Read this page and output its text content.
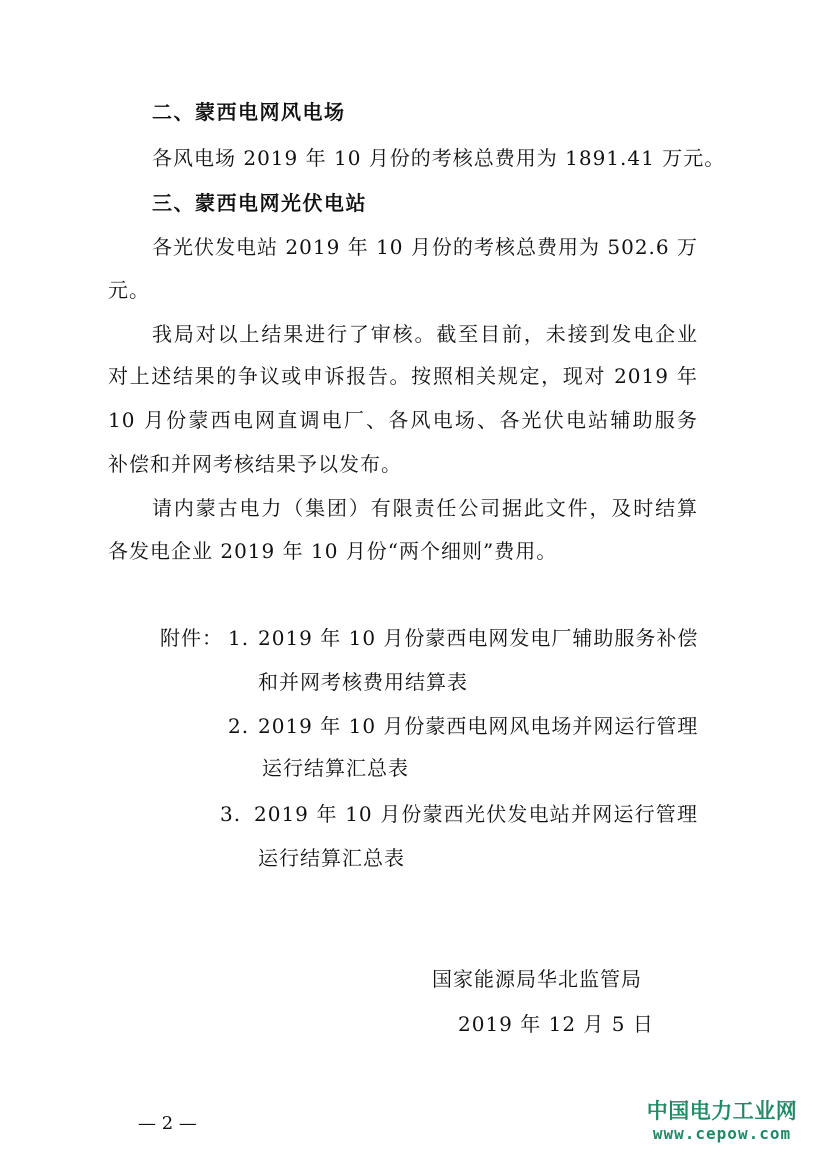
二、蒙西电网风电场
各风电场 2019 年 10 月份的考核总费用为 1891.41 万元。
三、蒙西电网光伏电站
各光伏发电站 2019 年 10 月份的考核总费用为 502.6 万
元。
我局对以上结果进行了审核。截至目前，未接到发电企业
对上述结果的争议或申诉报告。按照相关规定，现对 2019 年
10 月份蒙西电网直调电厂、各风电场、各光伏电站辅助服务
补偿和并网考核结果予以发布。
请内蒙古电力（集团）有限责任公司据此文件，及时结算
各发电企业 2019 年 10 月份“两个细则”费用。
附件： 1. 2019 年 10 月份蒙西电网发电厂辅助服务补偿
和并网考核费用结算表
2. 2019 年 10 月份蒙西电网风电场并网运行管理
运行结算汇总表
3. 2019 年 10 月份蒙西光伏发电站并网运行管理
运行结算汇总表
国家能源局华北监管局
2019 年 12 月 5 日
— 2 —
中国电力工业网
www.cepow.com
